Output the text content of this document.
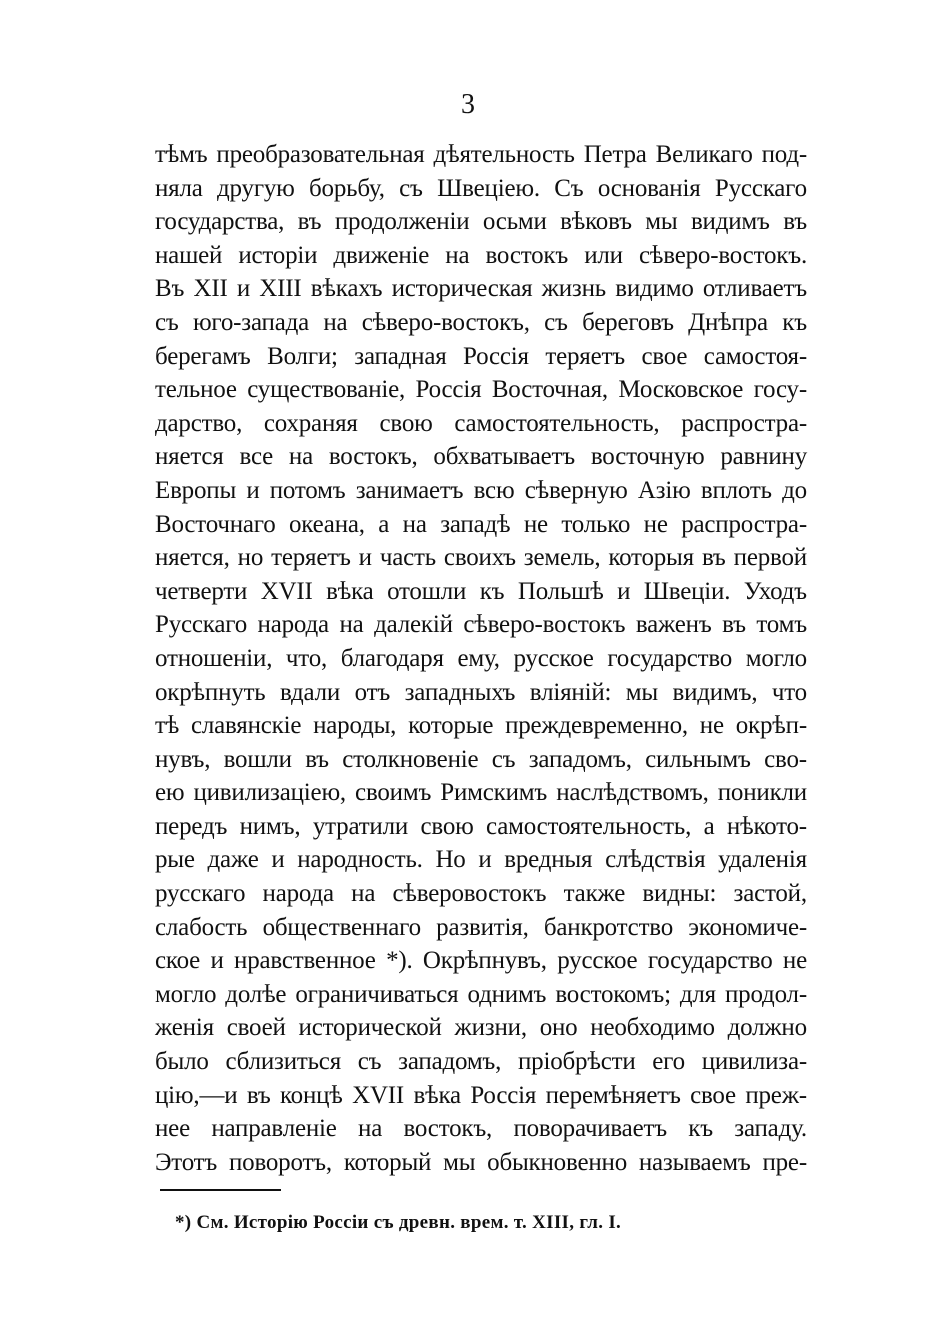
3
тѣмъ преобразовательная дѣятельность Петра Великаго под-
няла другую борьбу, съ Швеціею. Съ основанія Русскаго
государства, въ продолженіи осьми вѣковъ мы видимъ въ
нашей исторіи движеніе на востокъ или сѣверо-востокъ.
Въ XII и XIII вѣкахъ историческая жизнь видимо отливаетъ
съ юго-запада на сѣверо-востокъ, съ береговъ Днѣпра къ
берегамъ Волги; западная Россія теряетъ свое самостоя-
тельное существованіе, Россія Восточная, Московское госу-
дарство, сохраняя свою самостоятельность, распростра-
няется все на востокъ, обхватываетъ восточную равнину
Европы и потомъ занимаетъ всю сѣверную Азію вплоть до
Восточнаго океана, а на западѣ не только не распростра-
няется, но теряетъ и часть своихъ земель, которыя въ первой
четверти XVII вѣка отошли къ Польшѣ и Швеціи. Уходъ
Русскаго народа на далекій сѣверо-востокъ важенъ въ томъ
отношеніи, что, благодаря ему, русское государство могло
окрѣпнуть вдали отъ западныхъ вліяній: мы видимъ, что
тѣ славянскіе народы, которые преждевременно, не окрѣп-
нувъ, вошли въ столкновеніе съ западомъ, сильнымъ сво-
ею цивилизаціею, своимъ Римскимъ наслѣдствомъ, поникли
передъ нимъ, утратили свою самостоятельность, а нѣкото-
рые даже и народность. Но и вредныя слѣдствія удаленія
русскаго народа на сѣверовостокъ также видны: застой,
слабость общественнаго развитія, банкротство экономиче-
ское и нравственное *). Окрѣпнувъ, русское государство не
могло долѣе ограничиваться однимъ востокомъ; для продол-
женія своей исторической жизни, оно необходимо должно
было сблизиться съ западомъ, пріобрѣсти его цивилиза-
цію,—и въ концѣ XVII вѣка Россія перемѣняетъ свое преж-
нее направленіе на востокъ, поворачиваетъ къ западу.
Этотъ поворотъ, который мы обыкновенно называемъ пре-
*) См. Исторію Россіи съ древн. врем. т. XIII, гл. I.
